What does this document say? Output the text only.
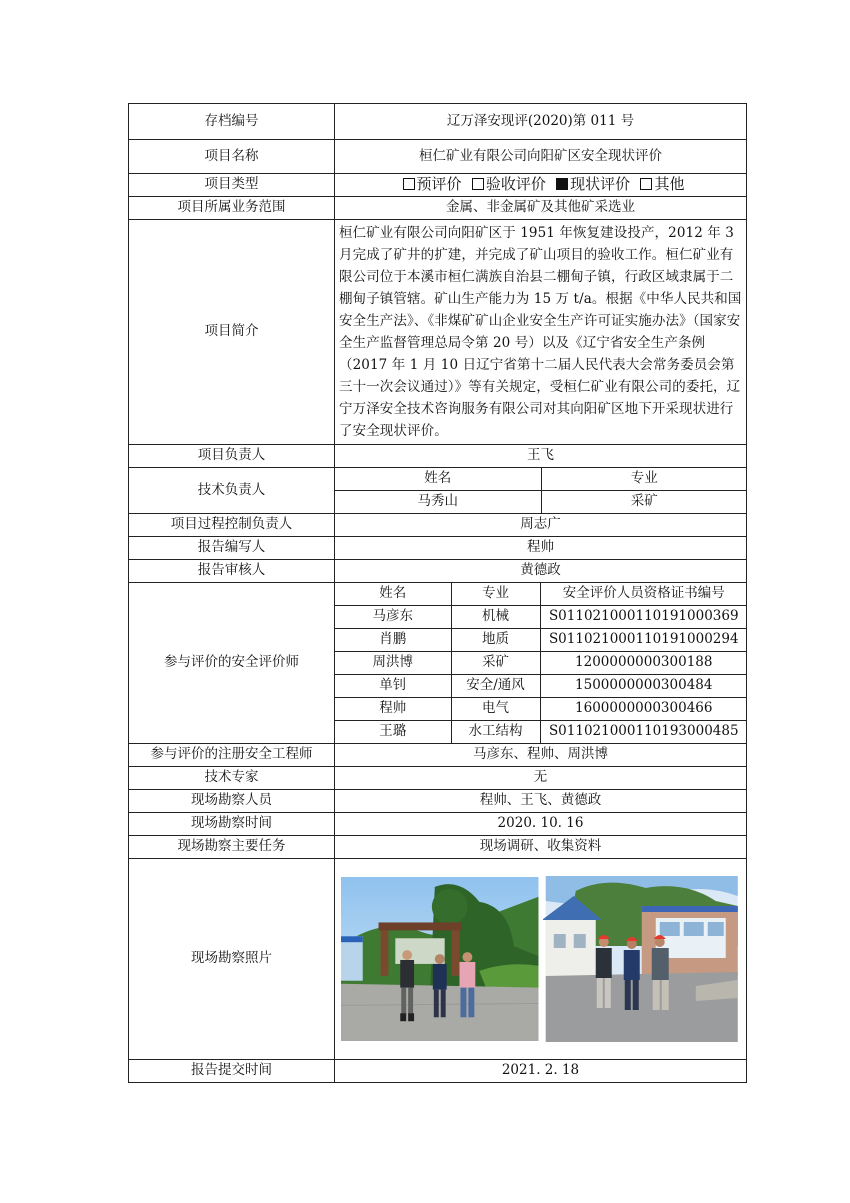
存档编号	辽万泽安现评(2020)第 011 号
项目名称	桓仁矿业有限公司向阳矿区安全现状评价
项目类型	预评价 验收评价 现状评价 其他
项目所属业务范围	金属、非金属矿及其他矿采选业
项目简介	桓仁矿业有限公司向阳矿区于 1951 年恢复建设投产，2012 年 3 月完成了矿井的扩建，并完成了矿山项目的验收工作。桓仁矿业有限公司位于本溪市桓仁满族自治县二棚甸子镇，行政区域隶属于二棚甸子镇管辖。矿山生产能力为 15 万 t/a。根据《中华人民共和国安全生产法》、《非煤矿矿山企业安全生产许可证实施办法》（国家安全生产监督管理总局令第 20 号）以及《辽宁省安全生产条例（2017 年 1 月 10 日辽宁省第十二届人民代表大会常务委员会第三十一次会议通过）》等有关规定，受桓仁矿业有限公司的委托，辽宁万泽安全技术咨询服务有限公司对其向阳矿区地下开采现状进行了安全现状评价。
项目负责人	王飞
技术负责人	
姓名	专业
马秀山	采矿

项目过程控制负责人	周志广
报告编写人	程帅
报告审核人	黄德政
参与评价的安全评价师	
姓名	专业	安全评价人员资格证书编号
马彦东	机械	S011021000110191000369
肖鹏	地质	S011021000110191000294
周洪博	采矿	1200000000300188
单钊	安全/通风	1500000000300484
程帅	电气	1600000000300466
王璐	水工结构	S011021000110193000485

参与评价的注册安全工程师	马彦东、程帅、周洪博
技术专家	无
现场勘察人员	程帅、王飞、黄德政
现场勘察时间	2020. 10. 16
现场勘察主要任务	现场调研、收集资料
现场勘察照片	

报告提交时间	2021. 2. 18
